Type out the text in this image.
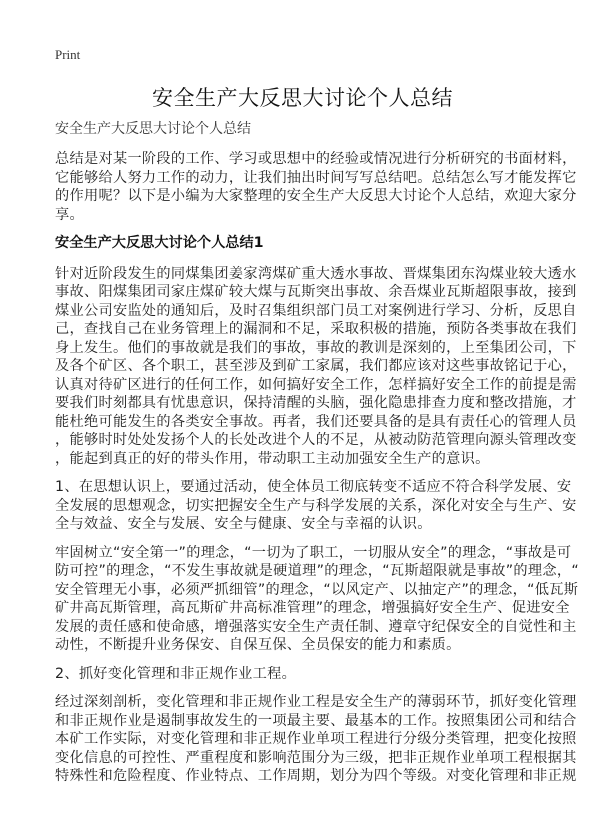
Print
安全生产大反思大讨论个人总结
安全生产大反思大讨论个人总结
总结是对某一阶段的工作、学习或思想中的经验或情况进行分析研究的书面材料，
它能够给人努力工作的动力，让我们抽出时间写写总结吧。总结怎么写才能发挥它
的作用呢？以下是小编为大家整理的安全生产大反思大讨论个人总结，欢迎大家分
享。
安全生产大反思大讨论个人总结1
针对近阶段发生的同煤集团姜家湾煤矿重大透水事故、晋煤集团东沟煤业较大透水
事故、阳煤集团司家庄煤矿较大煤与瓦斯突出事故、余吾煤业瓦斯超限事故，接到
煤业公司安监处的通知后，及时召集组织部门员工对案例进行学习、分析，反思自
己，查找自己在业务管理上的漏洞和不足，采取积极的措施，预防各类事故在我们
身上发生。他们的事故就是我们的事故，事故的教训是深刻的，上至集团公司，下
及各个矿区、各个职工，甚至涉及到矿工家属，我们都应该对这些事故铭记于心，
认真对待矿区进行的任何工作，如何搞好安全工作，怎样搞好安全工作的前提是需
要我们时刻都具有忧患意识，保持清醒的头脑，强化隐患排查力度和整改措施，才
能杜绝可能发生的各类安全事故。再者，我们还要具备的是具有责任心的管理人员
，能够时时处处发扬个人的长处改进个人的不足，从被动防范管理向源头管理改变
，能起到真正的好的带头作用，带动职工主动加强安全生产的意识。
1、在思想认识上，要通过活动，使全体员工彻底转变不适应不符合科学发展、安
全发展的思想观念，切实把握安全生产与科学发展的关系，深化对安全与生产、安
全与效益、安全与发展、安全与健康、安全与幸福的认识。
牢固树立“安全第一”的理念，“一切为了职工，一切服从安全”的理念，“事故是可
防可控”的理念，“不发生事故就是硬道理”的理念，“瓦斯超限就是事故”的理念，“
安全管理无小事，必须严抓细管”的理念，“以风定产、以抽定产”的理念，“低瓦斯
矿井高瓦斯管理，高瓦斯矿井高标准管理”的理念，增强搞好安全生产、促进安全
发展的责任感和使命感，增强落实安全生产责任制、遵章守纪保安全的自觉性和主
动性，不断提升业务保安、自保互保、全员保安的能力和素质。
2、抓好变化管理和非正规作业工程。
经过深刻剖析，变化管理和非正规作业工程是安全生产的薄弱环节，抓好变化管理
和非正规作业是遏制事故发生的一项最主要、最基本的工作。按照集团公司和结合
本矿工作实际，对变化管理和非正规作业单项工程进行分级分类管理，把变化按照
变化信息的可控性、严重程度和影响范围分为三级，把非正规作业单项工程根据其
特殊性和危险程度、作业特点、工作周期，划分为四个等级。对变化管理和非正规
